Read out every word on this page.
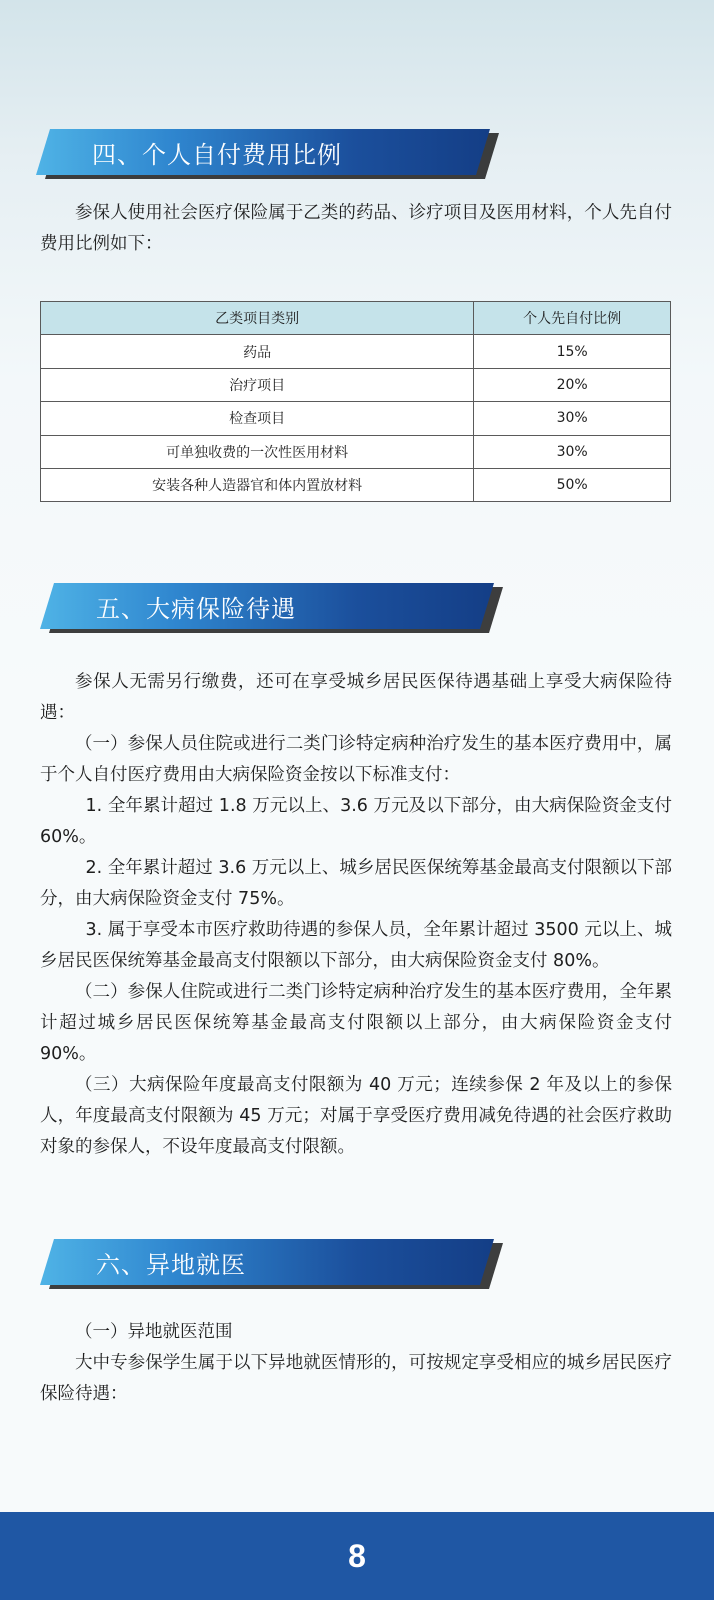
四、个人自付费用比例

参保人使用社会医疗保险属于乙类的药品、诊疗项目及医用材料，个人先自付费用比例如下：

乙类项目类别	个人先自付比例
药品	15%
治疗项目	20%
检查项目	30%
可单独收费的一次性医用材料	30%
安装各种人造器官和体内置放材料	50%
五、大病保险待遇

参保人无需另行缴费，还可在享受城乡居民医保待遇基础上享受大病保险待遇：

（一）参保人员住院或进行二类门诊特定病种治疗发生的基本医疗费用中，属于个人自付医疗费用由大病保险资金按以下标准支付：

1. 全年累计超过 1.8 万元以上、3.6 万元及以下部分，由大病保险资金支付 60%。

2. 全年累计超过 3.6 万元以上、城乡居民医保统筹基金最高支付限额以下部分，由大病保险资金支付 75%。

3. 属于享受本市医疗救助待遇的参保人员，全年累计超过 3500 元以上、城乡居民医保统筹基金最高支付限额以下部分，由大病保险资金支付 80%。

（二）参保人住院或进行二类门诊特定病种治疗发生的基本医疗费用，全年累计超过城乡居民医保统筹基金最高支付限额以上部分，由大病保险资金支付 90%。

（三）大病保险年度最高支付限额为 40 万元；连续参保 2 年及以上的参保人，年度最高支付限额为 45 万元；对属于享受医疗费用减免待遇的社会医疗救助对象的参保人，不设年度最高支付限额。

六、异地就医

（一）异地就医范围

大中专参保学生属于以下异地就医情形的，可按规定享受相应的城乡居民医疗保险待遇：

8
